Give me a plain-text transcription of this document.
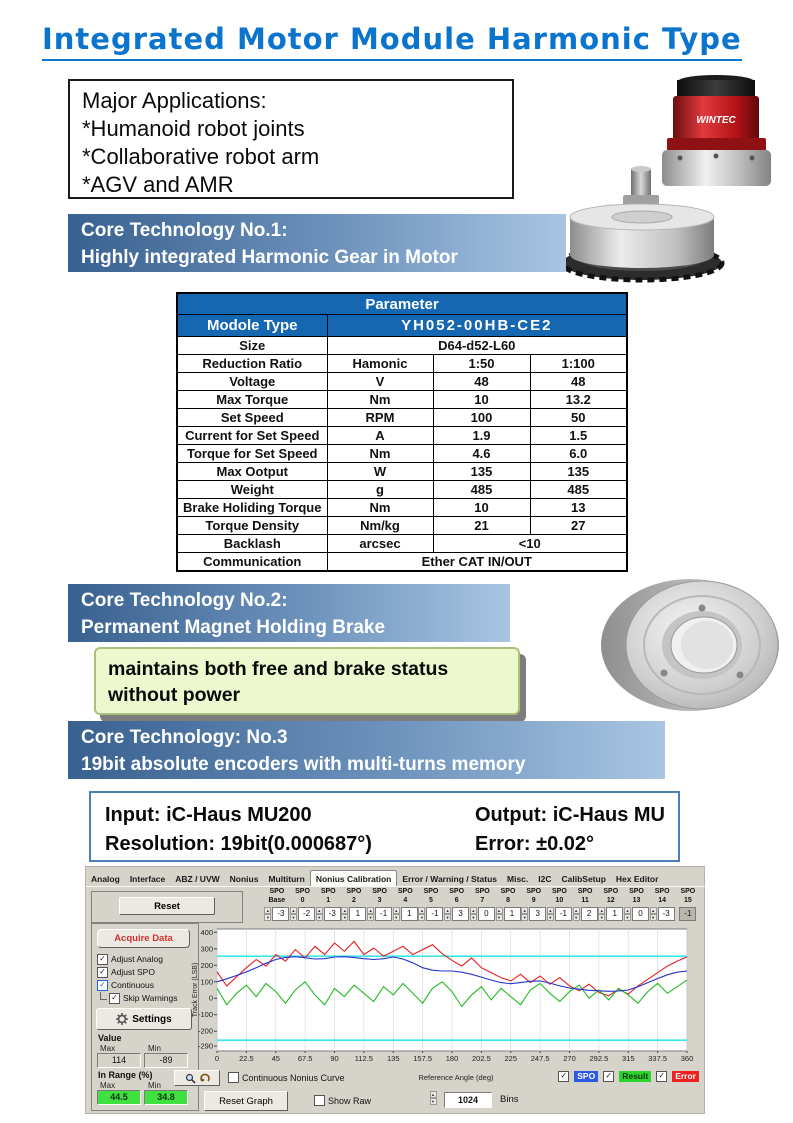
Integrated Motor Module Harmonic Type
Major Applications:
*Humanoid robot joints
*Collaborative robot arm
*AGV and AMR
WINTEC
Core Technology No.1:
Highly integrated Harmonic Gear in Motor
Parameter			
Modole Type	YH052-00HB-CE2		
Size	D64-d52-L60		
Reduction Ratio	Hamonic	1:50	1:100
Voltage	V	48	48
Max Torque	Nm	10	13.2
Set Speed	RPM	100	50
Current for Set Speed	A	1.9	1.5
Torque for Set Speed	Nm	4.6	6.0
Max Ootput	W	135	135
Weight	g	485	485
Brake Holiding Torque	Nm	10	13
Torque Density	Nm/kg	21	27
Backlash	arcsec	<10	
Communication	Ether CAT IN/OUT		
Core Technology No.2:
Permanent Magnet Holding Brake
maintains both free and brake status without power
Core Technology: No.3
19bit absolute encoders with multi-turns memory
Input: iC-Haus MU200	Output: iC-Haus MU
Resolution: 19bit(0.000687°)	Error: ±0.02°
Analog	Interface	ABZ / UVW	Nonius	Multiturn	Nonius Calibration	Error / Warning / Status	Misc.	I2C	CalibSetup	Hex Editor
Reset
Acquire Data
✓ Adjust Analog
✓ Adjust SPO
✓ Continuous
✓ Skip Warnings
Settings
Value
Max	Min
114	-89
In Range (%)
Max	Min
44.5	34.8
SPO
Base
▲
▼ -3
SPO
0
▲
▼ -2
SPO
1
▲
▼ -3
SPO
2
▲
▼	1
SPO
3
▲
▼ -1
SPO
4
▲
▼	1
SPO
5
▲
▼ -1
SPO
6
▲
▼	3
SPO
7
▲
▼	0
SPO
8
▲
▼	1
SPO
9
▲
▼	3
SPO
10
▲
▼ -1
SPO
11
▲
▼	2
SPO
12
▲
▼	1
SPO
13
▲
▼	0
SPO
14
▲
▼ -3
SPO
15
-1
400
300
200
100
0
-100
-200
-290
0	22.5 45 67.5 90 112.5 135 157.5 180 202.5 225 247.5 270 292.5 315 337.5 360
Track Error (LSB)
Continuous Nonius Curve	Reference Angle (deg)	✓	SPO	✓	Result	✓	Error
Reset Graph	Show Raw
▲
▼	1024	Bins
